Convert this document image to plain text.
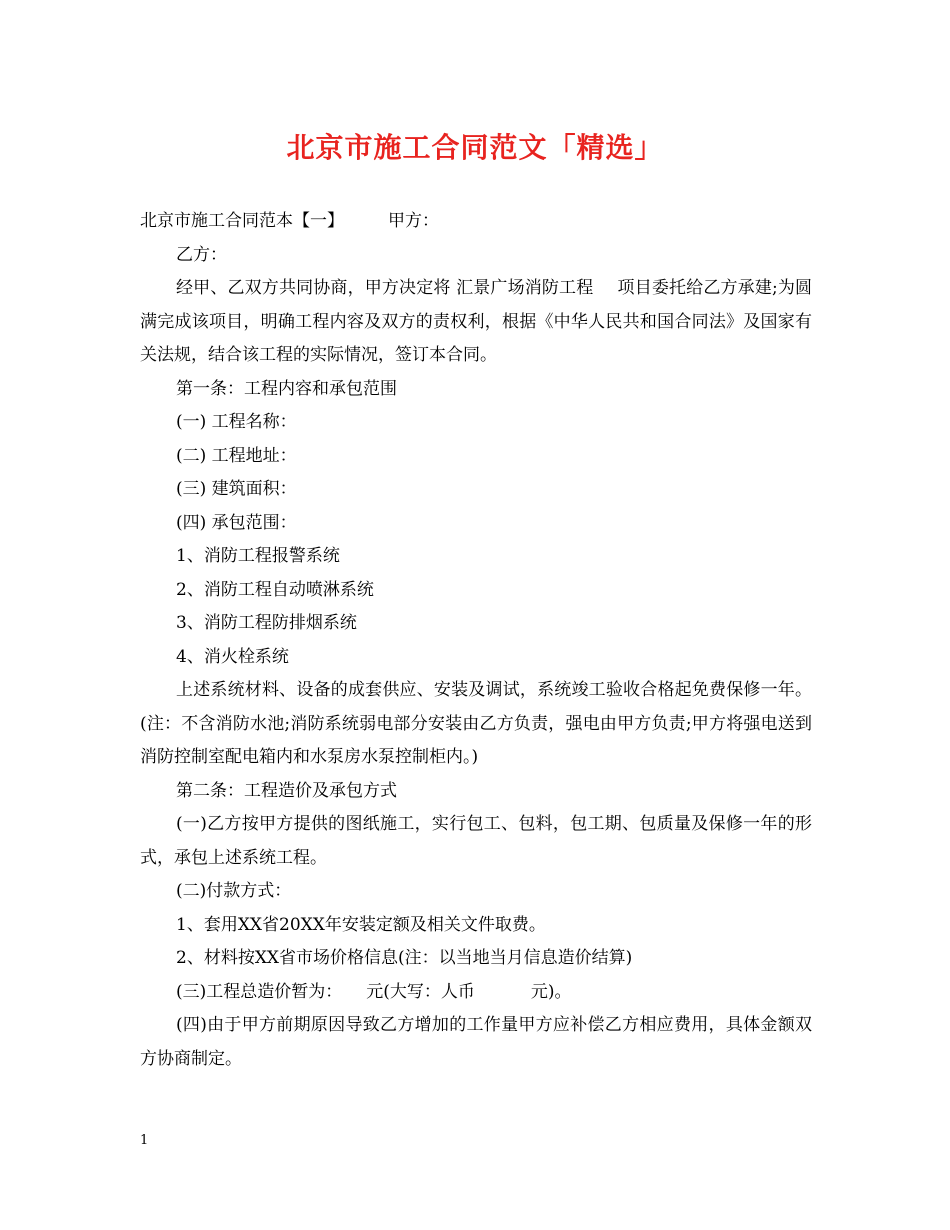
北京市施工合同范文「精选」

北京市施工合同范本【一】	甲方：

乙方：

经甲、乙双方共同协商，甲方决定将 汇景广场消防工程 项目委托给乙方承建;为圆满完成该项目，明确工程内容及双方的责权利，根据《中华人民共和国合同法》及国家有关法规，结合该工程的实际情况，签订本合同。

第一条：工程内容和承包范围

(一) 工程名称：

(二) 工程地址：

(三) 建筑面积：

(四) 承包范围：

1、消防工程报警系统

2、消防工程自动喷淋系统

3、消防工程防排烟系统

4、消火栓系统

上述系统材料、设备的成套供应、安装及调试，系统竣工验收合格起免费保修一年。(注：不含消防水池;消防系统弱电部分安装由乙方负责，强电由甲方负责;甲方将强电送到消防控制室配电箱内和水泵房水泵控制柜内。)

第二条：工程造价及承包方式

(一)乙方按甲方提供的图纸施工，实行包工、包料，包工期、包质量及保修一年的形式，承包上述系统工程。

(二)付款方式：

1、套用XX省20XX年安装定额及相关文件取费。

2、材料按XX省市场价格信息(注：以当地当月信息造价结算)

(三)工程总造价暂为： 元(大写：人币	元)。

(四)由于甲方前期原因导致乙方增加的工作量甲方应补偿乙方相应费用，具体金额双方协商制定。

1
